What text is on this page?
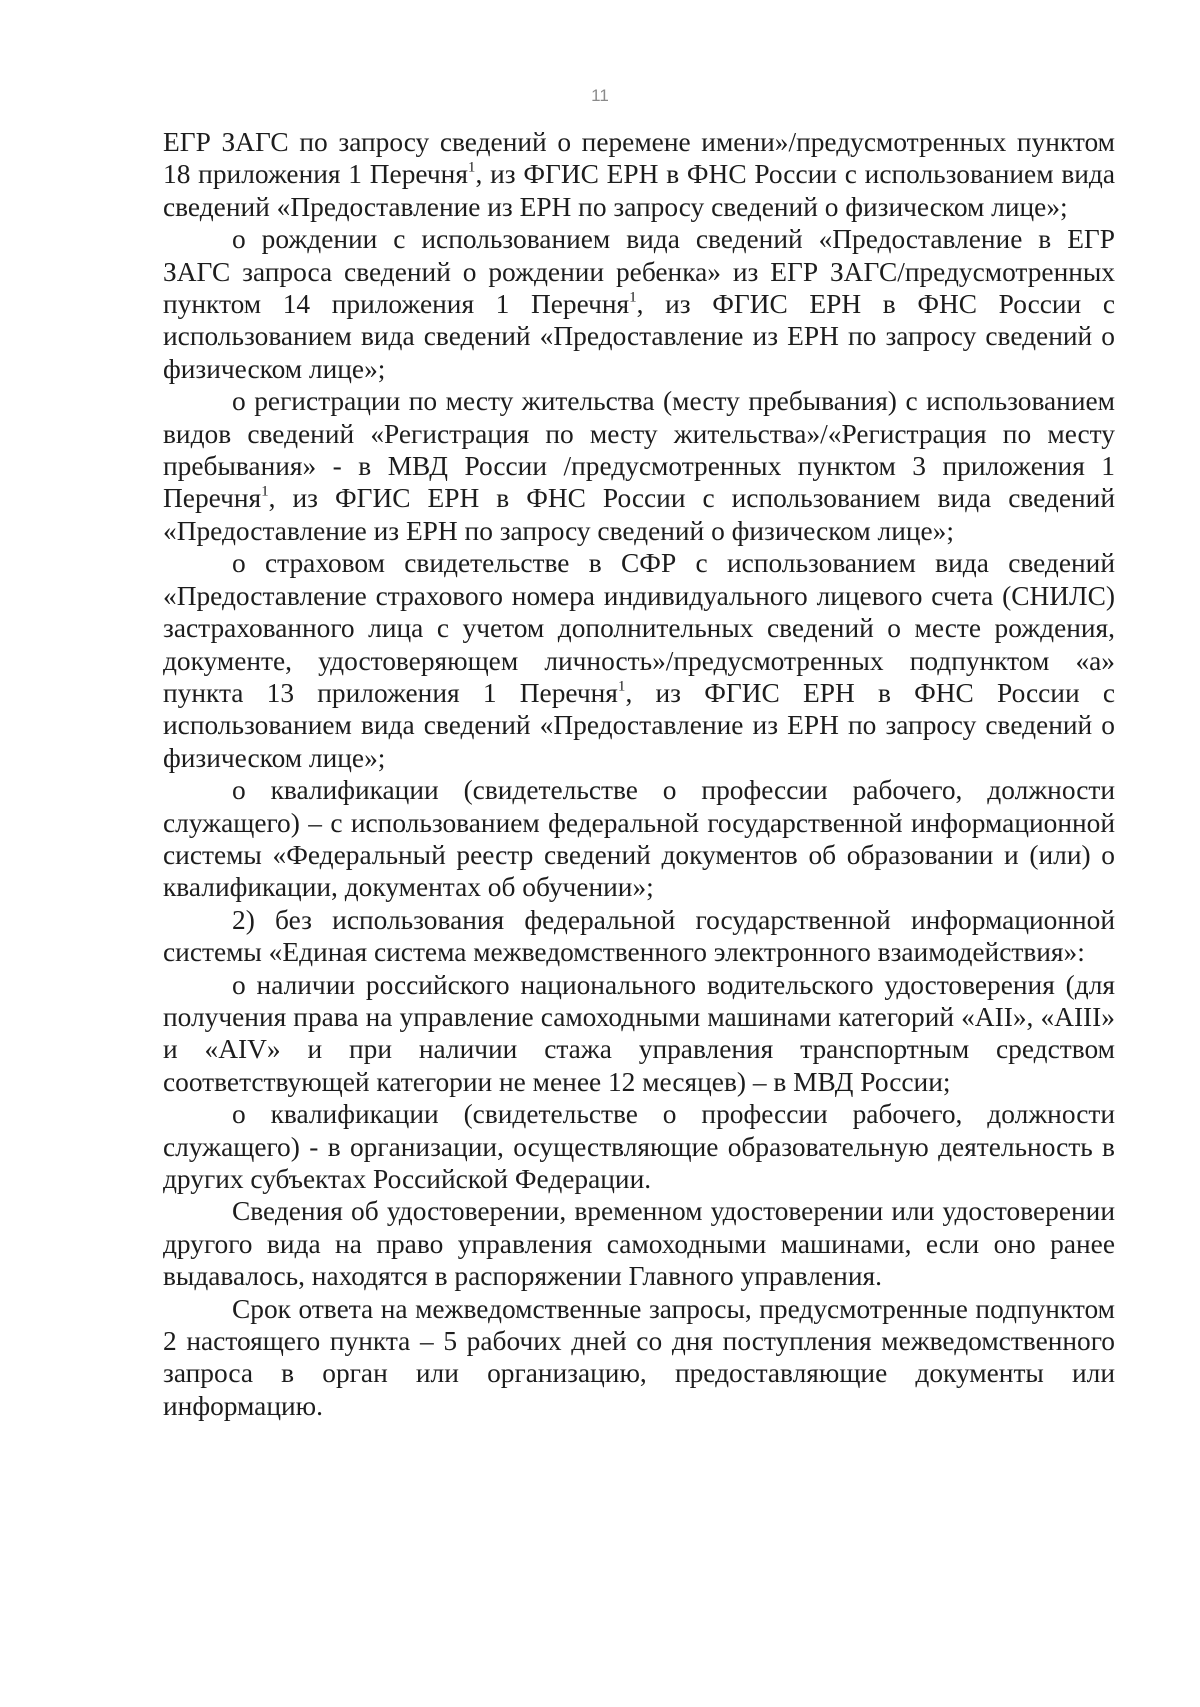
11

ЕГР ЗАГС по запросу сведений о перемене имени»/предусмотренных пунктом 18 приложения 1 Перечня$^1$, из ФГИС ЕРН в ФНС России с использованием вида сведений «Предоставление из ЕРН по запросу сведений о физическом лице»;

о рождении с использованием вида сведений «Предоставление в ЕГР ЗАГС запроса сведений о рождении ребенка» из ЕГР ЗАГС/предусмотренных пунктом 14 приложения 1 Перечня$^1$, из ФГИС ЕРН в ФНС России с использованием вида сведений «Предоставление из ЕРН по запросу сведений о физическом лице»;

о регистрации по месту жительства (месту пребывания) с использованием видов сведений «Регистрация по месту жительства»/«Регистрация по месту пребывания» - в МВД России /предусмотренных пунктом 3 приложения 1 Перечня$^1$, из ФГИС ЕРН в ФНС России с использованием вида сведений «Предоставление из ЕРН по запросу сведений о физическом лице»;

о страховом свидетельстве в СФР с использованием вида сведений «Предоставление страхового номера индивидуального лицевого счета (СНИЛС) застрахованного лица с учетом дополнительных сведений о месте рождения, документе, удостоверяющем личность»/предусмотренных подпунктом «а» пункта 13 приложения 1 Перечня$^1$, из ФГИС ЕРН в ФНС России с использованием вида сведений «Предоставление из ЕРН по запросу сведений о физическом лице»;

о квалификации (свидетельстве о профессии рабочего, должности служащего) – с использованием федеральной государственной информационной системы «Федеральный реестр сведений документов об образовании и (или) о квалификации, документах об обучении»;

2) без использования федеральной государственной информационной системы «Единая система межведомственного электронного взаимодействия»:

о наличии российского национального водительского удостоверения (для получения права на управление самоходными машинами категорий «AII», «AIII» и «AIV» и при наличии стажа управления транспортным средством соответствующей категории не менее 12 месяцев) – в МВД России;

о квалификации (свидетельстве о профессии рабочего, должности служащего) - в организации, осуществляющие образовательную деятельность в других субъектах Российской Федерации.

Сведения об удостоверении, временном удостоверении или удостоверении другого вида на право управления самоходными машинами, если оно ранее выдавалось, находятся в распоряжении Главного управления.

Срок ответа на межведомственные запросы, предусмотренные подпунктом 2 настоящего пункта – 5 рабочих дней со дня поступления межведомственного запроса в орган или организацию, предоставляющие документы или информацию.
